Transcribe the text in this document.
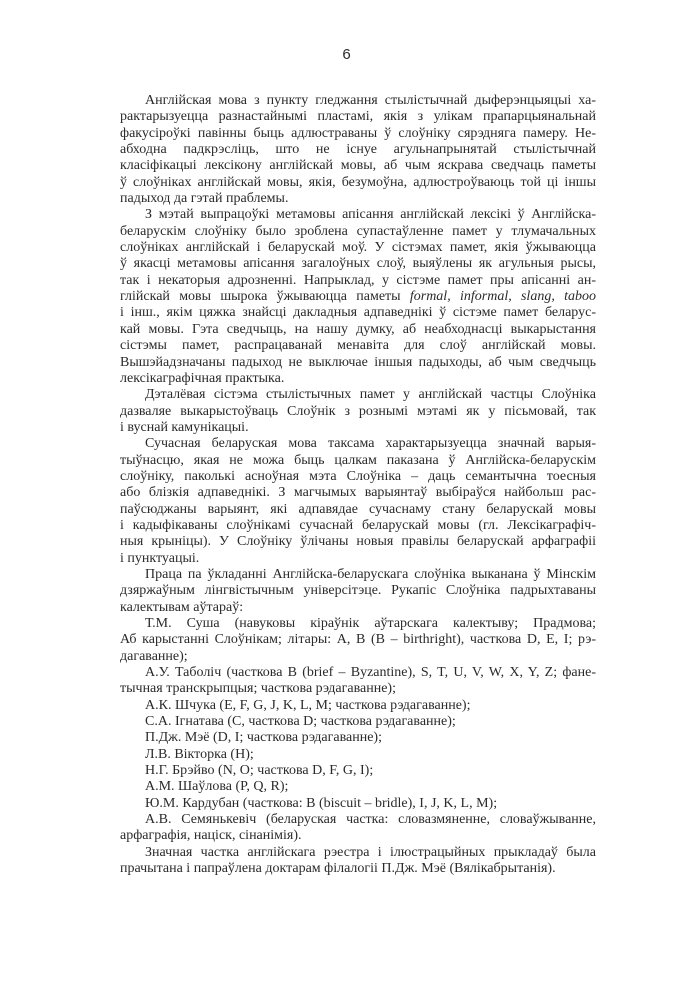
6
Англійская мова з пункту гледжання стылістычнай дыферэнцыяцыі ха-
рактарызуецца разнастайнымі пластамі, якія з улікам прапарцыянальнай
факусіроўкі павінны быць адлюстраваны ў слоўніку сярэдняга памеру. Не-
абходна падкрэсліць, што не існуе агульнапрынятай стылістычнай
класіфікацыі лексікону англійскай мовы, аб чым яскрава сведчаць паметы
ў слоўніках англійскай мовы, якія, безумоўна, адлюстроўваюць той ці іншы
падыход да гэтай праблемы.
З мэтай выпрацоўкі метамовы апісання англійскай лексікі ў Англійска-
беларускім слоўніку было зроблена супастаўленне памет у тлумачальных
слоўніках англійскай і беларускай моў. У сістэмах памет, якія ўжываюцца
ў якасці метамовы апісання загалоўных слоў, выяўлены як агульныя рысы,
так і некаторыя адрозненні. Напрыклад, у сістэме памет пры апісанні ан-
глійскай мовы шырока ўжываюцца паметы formal, informal, slang, taboo
і інш., якім цяжка знайсці дакладныя адпаведнікі ў сістэме памет беларус-
кай мовы. Гэта сведчыць, на нашу думку, аб неабходнасці выкарыстання
сістэмы памет, распрацаванай менавіта для слоў англійскай мовы.
Вышэйадзначаны падыход не выключае іншыя падыходы, аб чым сведчыць
лексікаграфічная практыка.
Дэталёвая сістэма стылістычных памет у англійскай частцы Слоўніка
дазваляе выкарыстоўваць Слоўнік з рознымі мэтамі як у пісьмовай, так
і вуснай камунікацыі.
Сучасная беларуская мова таксама характарызуецца значнай варыя-
тыўнасцю, якая не можа быць цалкам паказана ў Англійска-беларускім
слоўніку, паколькі асноўная мэта Слоўніка – даць семантычна тоесныя
або блізкія адпаведнікі. З магчымых варыянтаў выбіраўся найбольш рас-
паўсюджаны варыянт, які адпавядае сучаснаму стану беларускай мовы
і кадыфікаваны слоўнікамі сучаснай беларускай мовы (гл. Лексікаграфіч-
ныя крыніцы). У Слоўніку ўлічаны новыя правілы беларускай арфаграфіі
і пунктуацыі.
Праца па ўкладанні Англійска-беларускага слоўніка выканана ў Мінскім
дзяржаўным лінгвістычным універсітэце. Рукапіс Слоўніка падрыхтаваны
калектывам аўтараў:
Т.М. Суша (навуковы кіраўнік аўтарскага калектыву; Прадмова;
Аб карыстанні Слоўнікам; літары: A, B (B – birthright), часткова D, E, I; рэ-
дагаванне);
А.У. Таболіч (часткова B (brief – Byzantine), S, T, U, V, W, X, Y, Z; фане-
тычная транскрыпцыя; часткова рэдагаванне);
А.К. Шчука (E, F, G, J, K, L, M; часткова рэдагаванне);
С.А. Ігнатава (C, часткова D; часткова рэдагаванне);
П.Дж. Мэё (D, I; часткова рэдагаванне);
Л.В. Вікторка (H);
Н.Г. Брэйво (N, O; часткова D, F, G, I);
А.М. Шаўлова (P, Q, R);
Ю.М. Кардубан (часткова: B (biscuit – bridle), I, J, K, L, M);
А.В. Семянькевіч (беларуская частка: словазмяненне, словаўжыванне,
арфаграфія, націск, сінанімія).
Значная частка англійскага рэестра і ілюстрацыйных прыкладаў была
прачытана і папраўлена доктарам філалогіі П.Дж. Мэё (Вялікабрытанія).
